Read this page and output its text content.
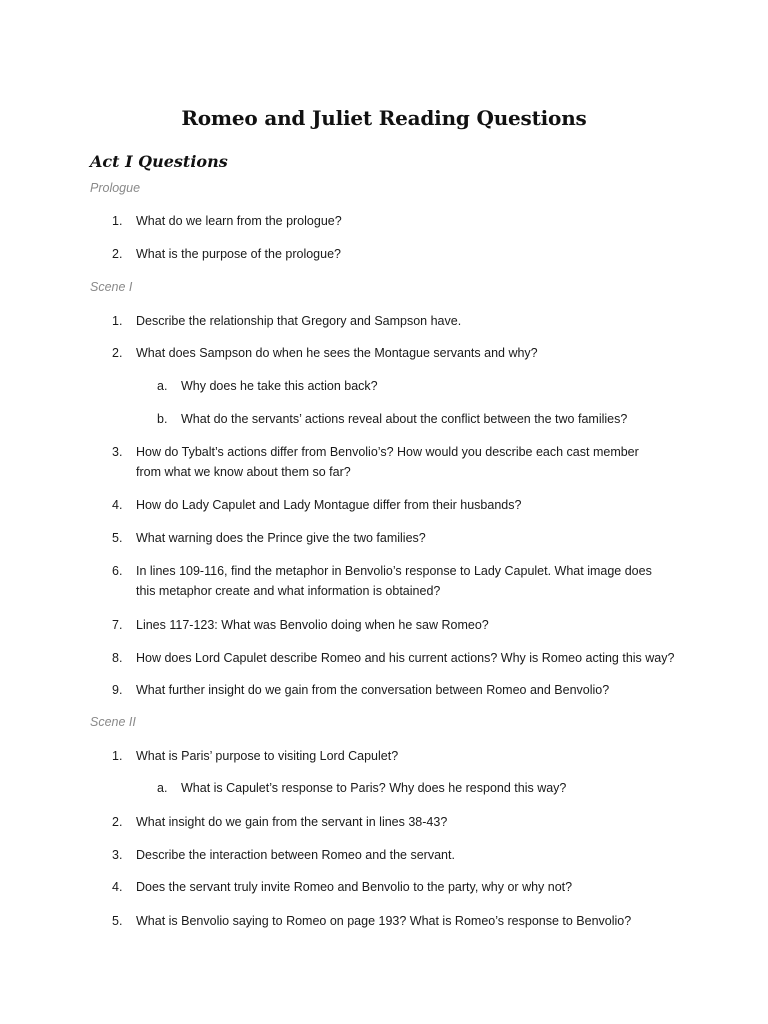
Romeo and Juliet Reading Questions
Act I Questions
Prologue
1.	What do we learn from the prologue?
2.	What is the purpose of the prologue?
Scene I
1.	Describe the relationship that Gregory and Sampson have.
2.	What does Sampson do when he sees the Montague servants and why?
a.	Why does he take this action back?
b.	What do the servants’ actions reveal about the conflict between the two families?
3.	How do Tybalt’s actions differ from Benvolio’s? How would you describe each cast member from what we know about them so far?
4.	How do Lady Capulet and Lady Montague differ from their husbands?
5.	What warning does the Prince give the two families?
6.	In lines 109-116, find the metaphor in Benvolio’s response to Lady Capulet. What image does this metaphor create and what information is obtained?
7.	Lines 117-123: What was Benvolio doing when he saw Romeo?
8.	How does Lord Capulet describe Romeo and his current actions? Why is Romeo acting this way?
9.	What further insight do we gain from the conversation between Romeo and Benvolio?
Scene II
1.	What is Paris’ purpose to visiting Lord Capulet?
a.	What is Capulet’s response to Paris? Why does he respond this way?
2.	What insight do we gain from the servant in lines 38-43?
3.	Describe the interaction between Romeo and the servant.
4.	Does the servant truly invite Romeo and Benvolio to the party, why or why not?
5.	What is Benvolio saying to Romeo on page 193? What is Romeo’s response to Benvolio?
